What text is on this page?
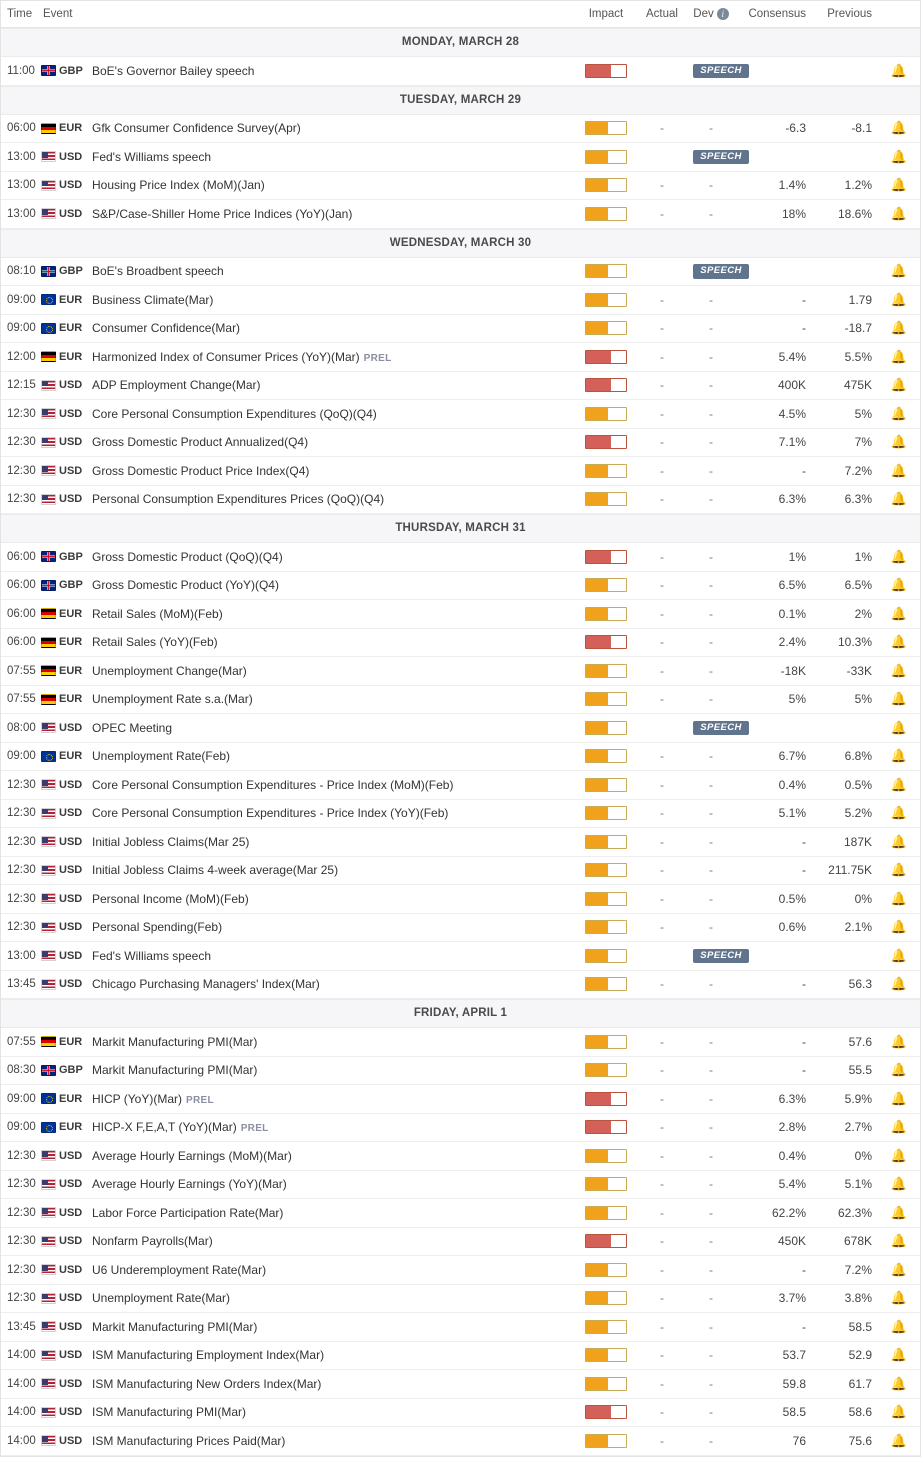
Time Event	Impact	Actual	Dev i	Consensus	Previous
MONDAY, MARCH 28
11:00	GBP BoE's Governor Bailey speech	SPEECH	🔔
TUESDAY, MARCH 29
06:00 EUR Gfk Consumer Confidence Survey(Apr)	-	-	-6.3	-8.1	🔔
13:00 USD Fed's Williams speech	SPEECH	🔔
13:00 USD Housing Price Index (MoM)(Jan)	-	-	1.4%	1.2%	🔔
13:00 USD S&P/Case-Shiller Home Price Indices (YoY)(Jan)	-	-	18%	18.6%	🔔
WEDNESDAY, MARCH 30
08:10 GBP BoE's Broadbent speech	SPEECH	🔔
09:00 EUR Business Climate(Mar)	-	-	-	1.79	🔔
09:00 EUR Consumer Confidence(Mar)	-	-	-	-18.7	🔔
12:00 EUR Harmonized Index of Consumer Prices (YoY)(Mar) PREL	-	-	5.4%	5.5%	🔔
12:15 USD ADP Employment Change(Mar)	-	-	400K	475K	🔔
12:30 USD Core Personal Consumption Expenditures (QoQ)(Q4)	-	-	4.5%	5%	🔔
12:30 USD Gross Domestic Product Annualized(Q4)	-	-	7.1%	7%	🔔
12:30 USD Gross Domestic Product Price Index(Q4)	-	-	-	7.2%	🔔
12:30 USD Personal Consumption Expenditures Prices (QoQ)(Q4)	-	-	6.3%	6.3%	🔔
THURSDAY, MARCH 31
06:00 GBP Gross Domestic Product (QoQ)(Q4)	-	-	1%	1%	🔔
06:00 GBP Gross Domestic Product (YoY)(Q4)	-	-	6.5%	6.5%	🔔
06:00 EUR Retail Sales (MoM)(Feb)	-	-	0.1%	2%	🔔
06:00 EUR Retail Sales (YoY)(Feb)	-	-	2.4%	10.3%	🔔
07:55 EUR Unemployment Change(Mar)	-	-	-18K	-33K	🔔
07:55 EUR Unemployment Rate s.a.(Mar)	-	-	5%	5%	🔔
08:00 USD OPEC Meeting	SPEECH	🔔
09:00 EUR Unemployment Rate(Feb)	-	-	6.7%	6.8%	🔔
12:30 USD Core Personal Consumption Expenditures - Price Index (MoM)(Feb)	-	-	0.4%	0.5%	🔔
12:30 USD Core Personal Consumption Expenditures - Price Index (YoY)(Feb)	-	-	5.1%	5.2%	🔔
12:30 USD Initial Jobless Claims(Mar 25)	-	-	-	187K	🔔
12:30 USD Initial Jobless Claims 4-week average(Mar 25)	-	-	-	211.75K	🔔
12:30 USD Personal Income (MoM)(Feb)	-	-	0.5%	0%	🔔
12:30 USD Personal Spending(Feb)	-	-	0.6%	2.1%	🔔
13:00 USD Fed's Williams speech	SPEECH	🔔
13:45 USD Chicago Purchasing Managers' Index(Mar)	-	-	-	56.3	🔔
FRIDAY, APRIL 1
07:55 EUR Markit Manufacturing PMI(Mar)	-	-	-	57.6	🔔
08:30 GBP Markit Manufacturing PMI(Mar)	-	-	-	55.5	🔔
09:00 EUR HICP (YoY)(Mar) PREL	-	-	6.3%	5.9%	🔔
09:00 EUR HICP-X F,E,A,T (YoY)(Mar) PREL	-	-	2.8%	2.7%	🔔
12:30 USD Average Hourly Earnings (MoM)(Mar)	-	-	0.4%	0%	🔔
12:30 USD Average Hourly Earnings (YoY)(Mar)	-	-	5.4%	5.1%	🔔
12:30 USD Labor Force Participation Rate(Mar)	-	-	62.2%	62.3%	🔔
12:30 USD Nonfarm Payrolls(Mar)	-	-	450K	678K	🔔
12:30 USD U6 Underemployment Rate(Mar)	-	-	-	7.2%	🔔
12:30 USD Unemployment Rate(Mar)	-	-	3.7%	3.8%	🔔
13:45 USD Markit Manufacturing PMI(Mar)	-	-	-	58.5	🔔
14:00 USD ISM Manufacturing Employment Index(Mar)	-	-	53.7	52.9	🔔
14:00 USD ISM Manufacturing New Orders Index(Mar)	-	-	59.8	61.7	🔔
14:00 USD ISM Manufacturing PMI(Mar)	-	-	58.5	58.6	🔔
14:00 USD ISM Manufacturing Prices Paid(Mar)	-	-	76	75.6	🔔
